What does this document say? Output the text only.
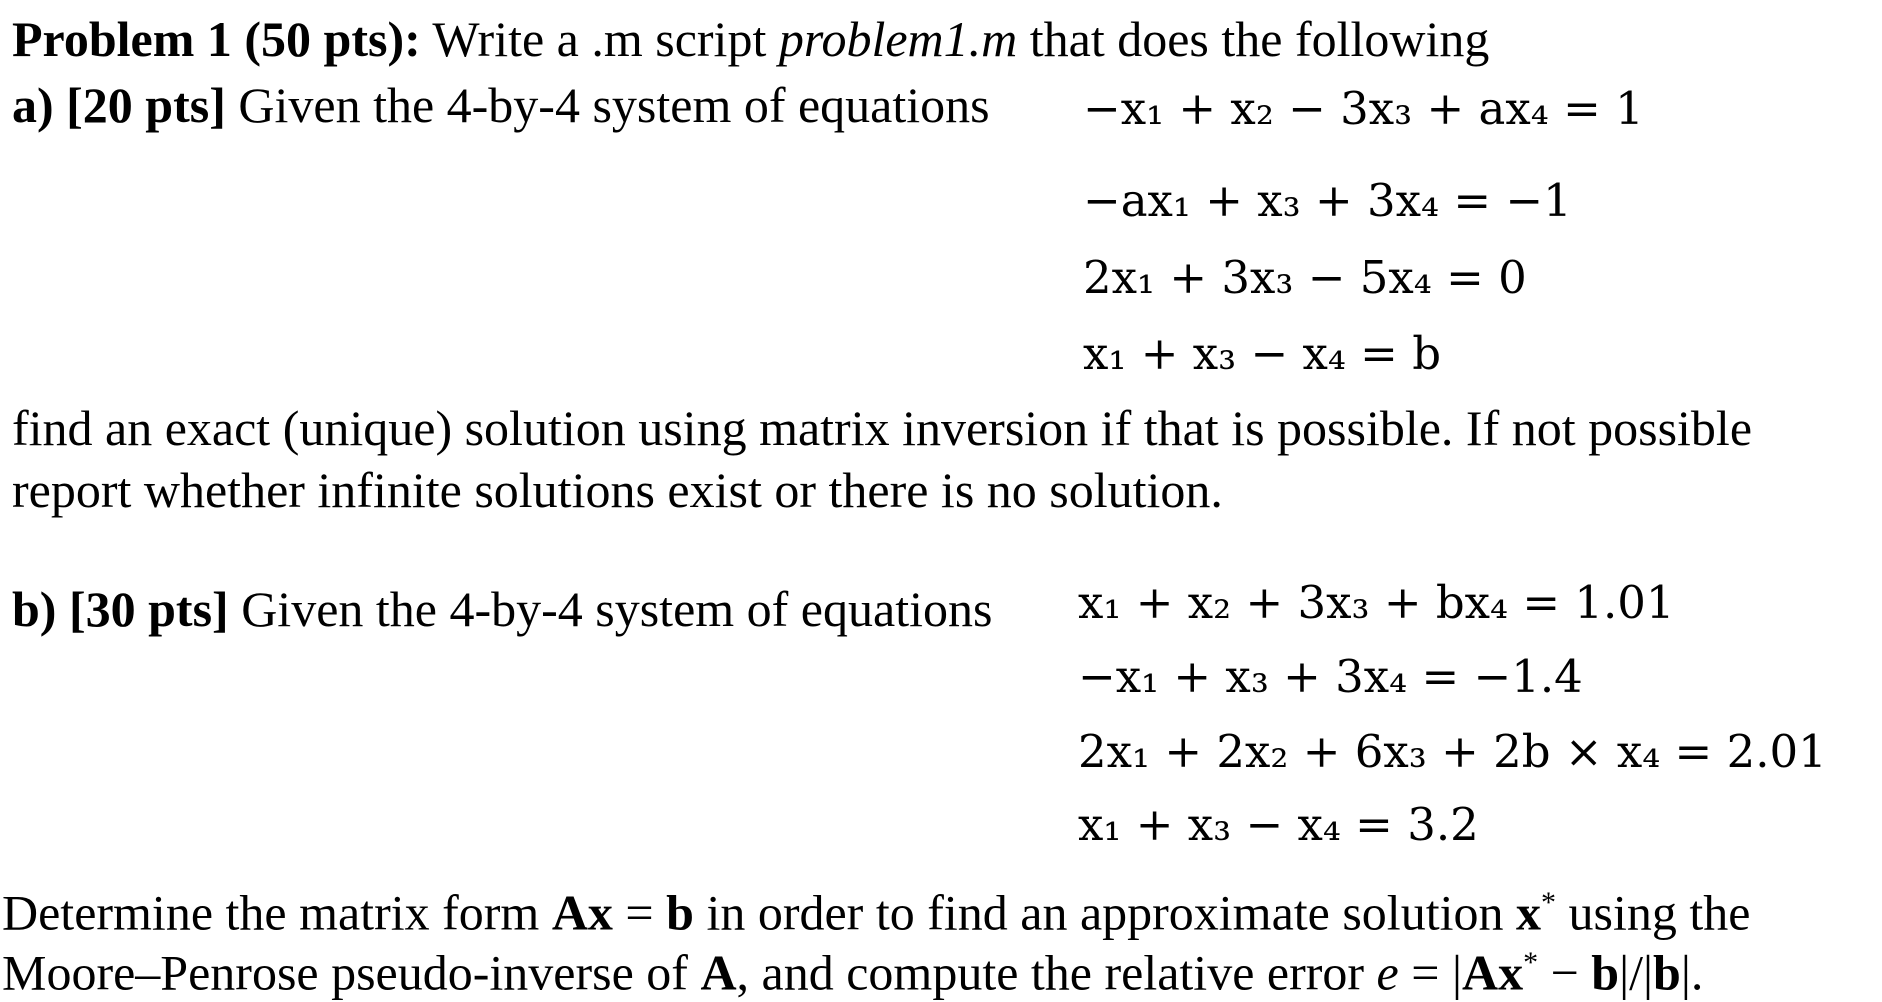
Problem 1 (50 pts): Write a .m script problem1.m that does the following
a) [20 pts] Given the 4-by-4 system of equations −x₁ + x₂ − 3x₃ + ax₄ = 1
−ax₁ + x₃ + 3x₄ = −1
2x₁ + 3x₃ − 5x₄ = 0
x₁ + x₃ − x₄ = b
find an exact (unique) solution using matrix inversion if that is possible. If not possible
report whether infinite solutions exist or there is no solution.
b) [30 pts] Given the 4-by-4 system of equations x₁ + x₂ + 3x₃ + bx₄ = 1.01
−x₁ + x₃ + 3x₄ = −1.4
2x₁ + 2x₂ + 6x₃ + 2b × x₄ = 2.01
x₁ + x₃ − x₄ = 3.2
Determine the matrix form Ax = b in order to find an approximate solution x* using the
Moore–Penrose pseudo-inverse of A, and compute the relative error e = |Ax* − b|/|b|.
